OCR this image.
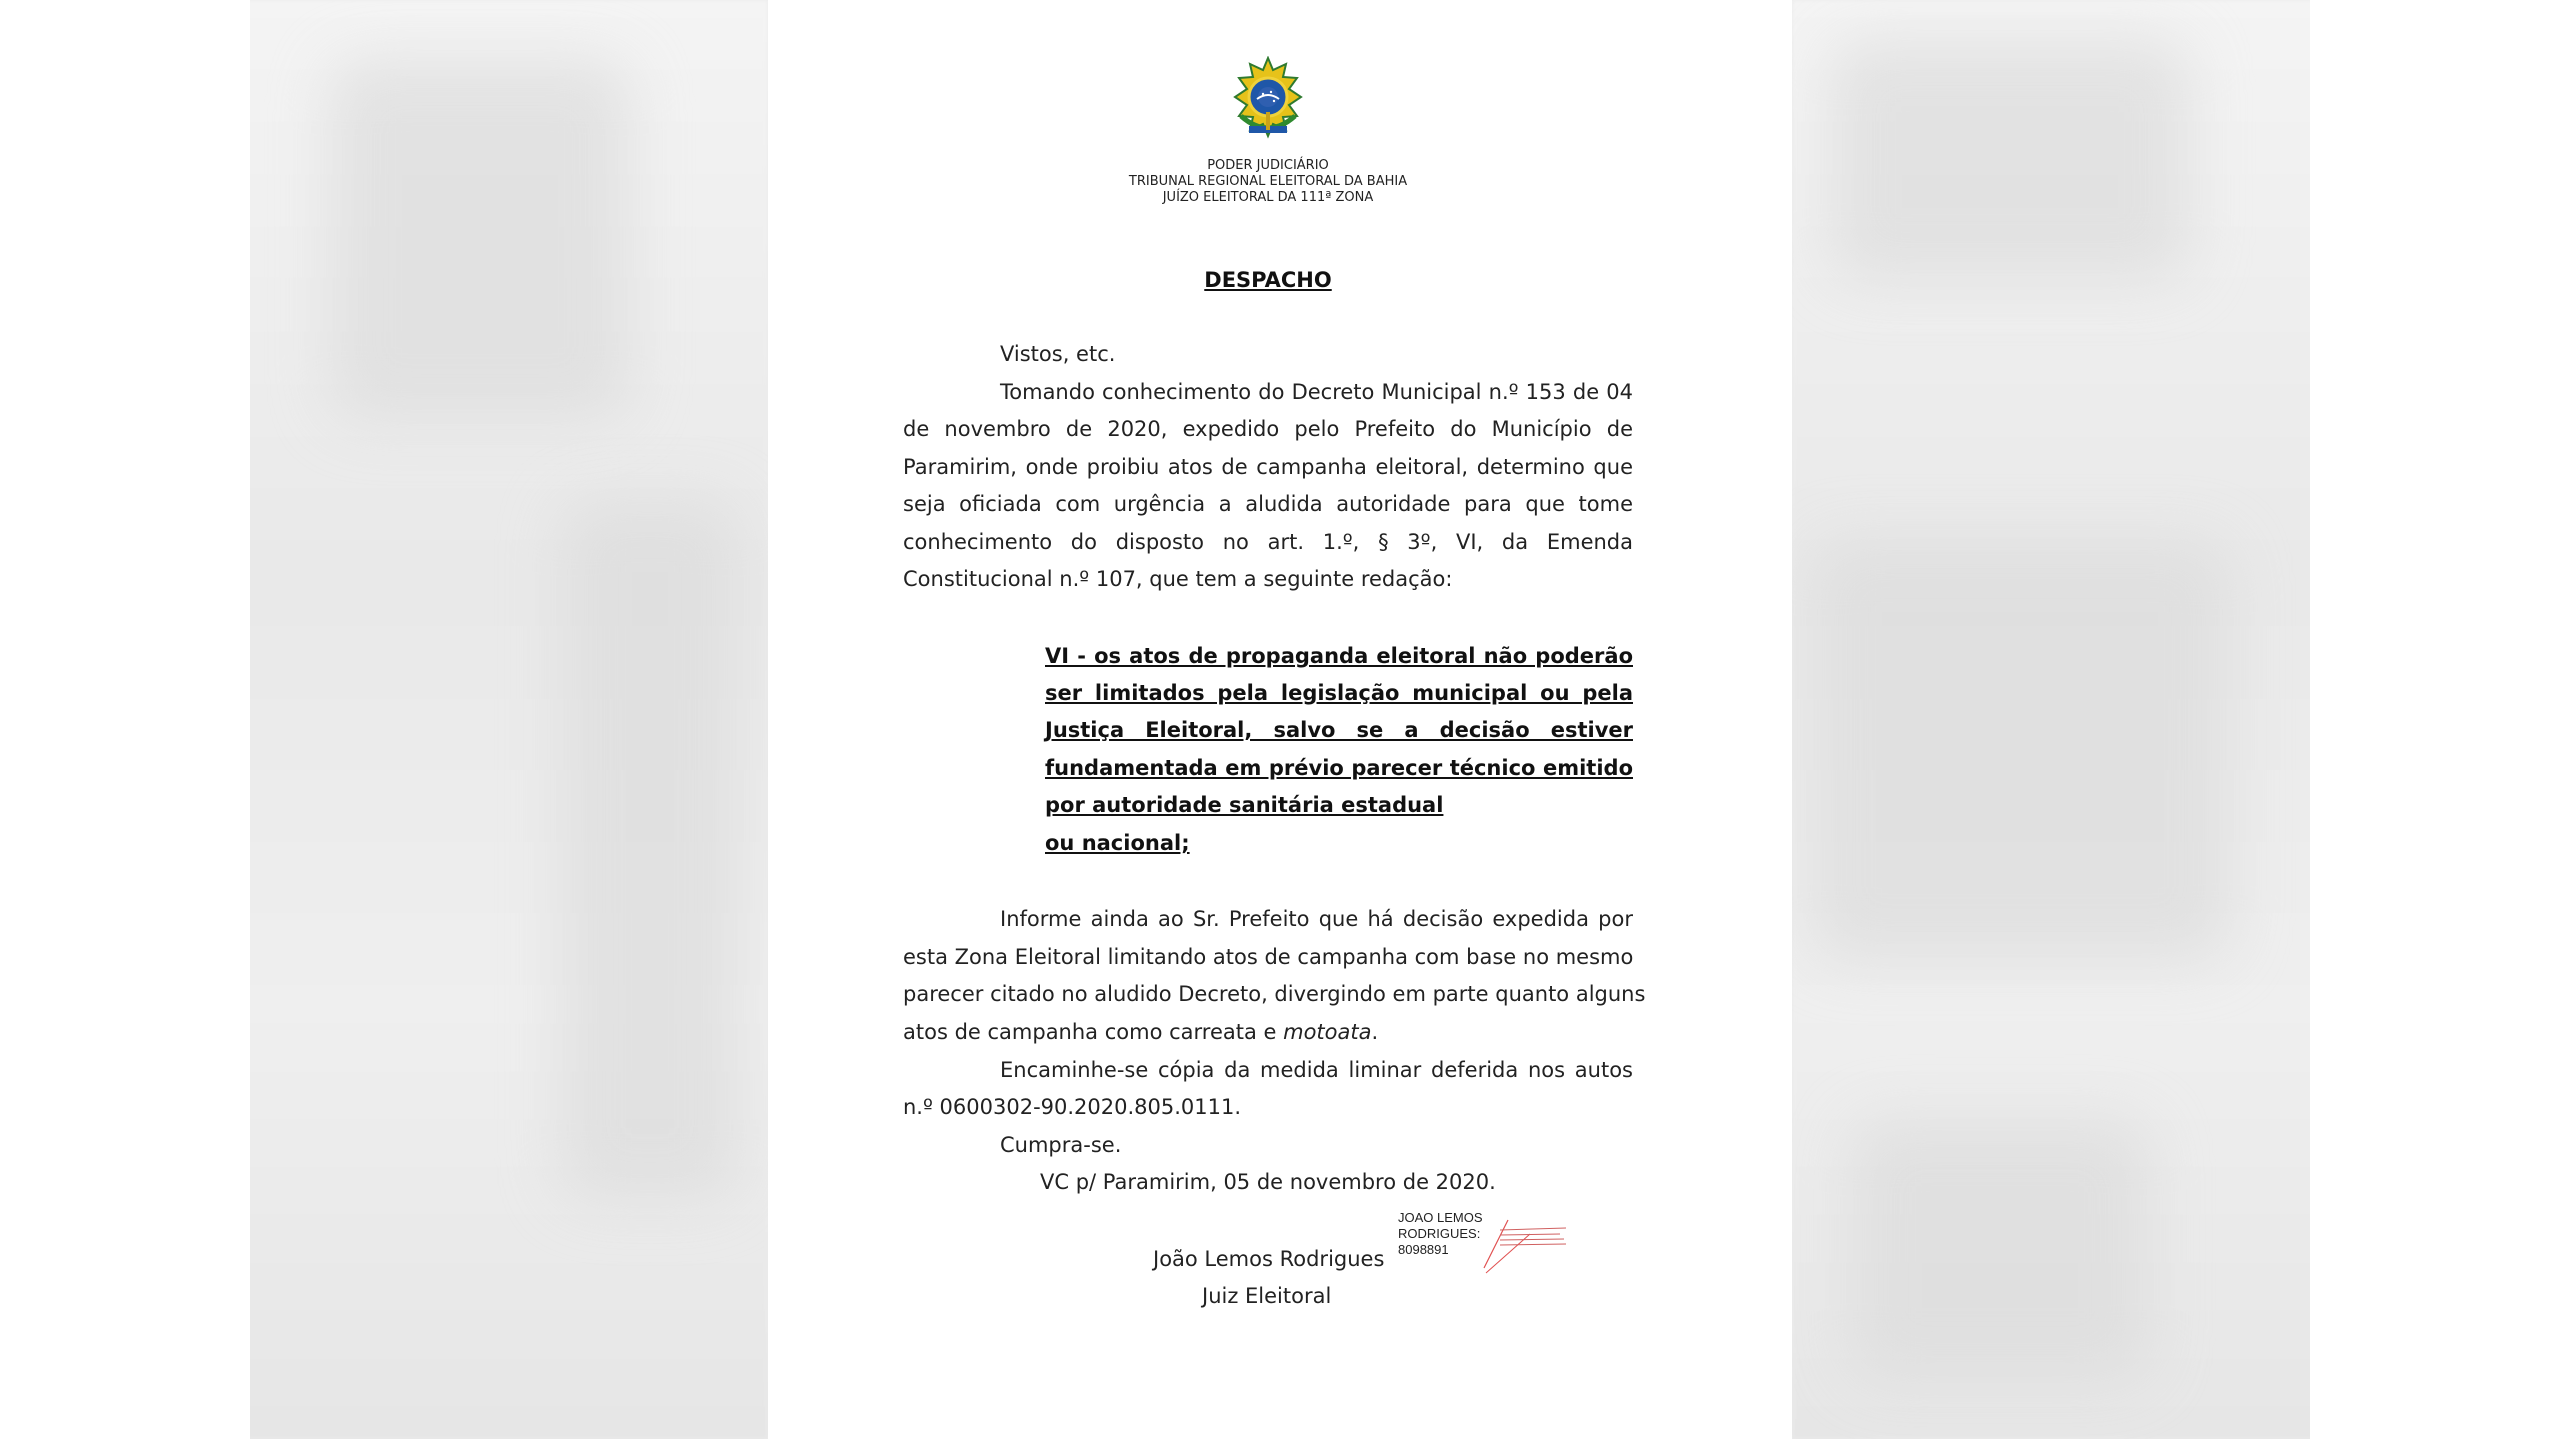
PODER JUDICIÁRIO
TRIBUNAL REGIONAL ELEITORAL DA BAHIA
JUÍZO ELEITORAL DA 111ª ZONA
DESPACHO
Vistos, etc.
Tomando conhecimento do Decreto Municipal n.º 153 de 04
de novembro de 2020, expedido pelo Prefeito do Município de
Paramirim, onde proibiu atos de campanha eleitoral, determino que
seja oficiada com urgência a aludida autoridade para que tome
conhecimento do disposto no art. 1.º, § 3º, VI, da Emenda
Constitucional n.º 107, que tem a seguinte redação:
VI - os atos de propaganda eleitoral não poderão
ser limitados pela legislação municipal ou pela
Justiça Eleitoral, salvo se a decisão estiver
fundamentada em prévio parecer técnico emitido
por autoridade sanitária estadual
ou nacional;
Informe ainda ao Sr. Prefeito que há decisão expedida por
esta Zona Eleitoral limitando atos de campanha com base no mesmo
parecer citado no aludido Decreto, divergindo em parte quanto alguns
atos de campanha como carreata e motoata.
Encaminhe-se cópia da medida liminar deferida nos autos
n.º 0600302-90.2020.805.0111.
Cumpra-se.
VC p/ Paramirim, 05 de novembro de 2020.
JOAO LEMOS
RODRIGUES:
8098891
João Lemos Rodrigues
Juiz Eleitoral
